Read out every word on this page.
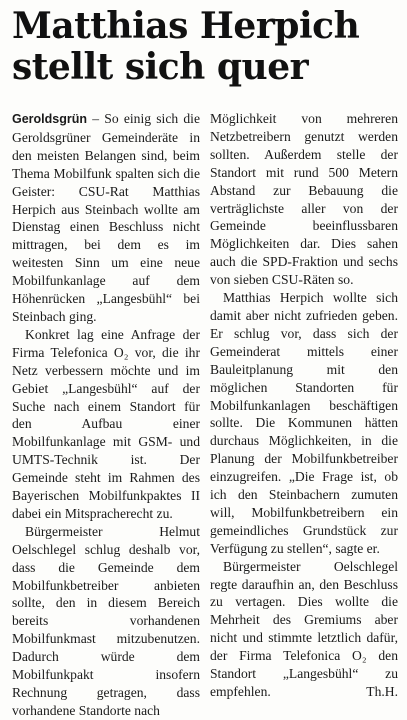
Matthias Herpich
stellt sich quer

Geroldsgrün – So einig sich die Geroldsgrüner Gemeinderäte in den meisten Belangen sind, beim Thema Mobilfunk spalten sich die Geister: CSU-Rat Matthias Herpich aus Steinbach wollte am Dienstag einen Beschluss nicht mittragen, bei dem es im weitesten Sinn um eine neue Mobilfunkanlage auf dem Höhenrücken „Langesbühl“ bei Steinbach ging.

Konkret lag eine Anfrage der Firma Telefonica O₂ vor, die ihr Netz verbessern möchte und im Gebiet „Langesbühl“ auf der Suche nach einem Standort für den Aufbau einer Mobilfunkanlage mit GSM- und UMTS-Technik ist. Der Gemeinde steht im Rahmen des Bayerischen Mobilfunkpaktes II dabei ein Mitspracherecht zu.

Bürgermeister Helmut Oelschlegel schlug deshalb vor, dass die Gemeinde dem Mobilfunkbetreiber anbieten sollte, den in diesem Bereich bereits vorhandenen Mobilfunkmast mitzubenutzen. Dadurch würde dem Mobilfunkpakt insofern Rechnung getragen, dass vorhandene Standorte nach

Möglichkeit von mehreren Netzbetreibern genutzt werden sollten. Außerdem stelle der Standort mit rund 500 Metern Abstand zur Bebauung die verträglichste aller von der Gemeinde beeinflussbaren Möglichkeiten dar. Dies sahen auch die SPD-Fraktion und sechs von sieben CSU-Räten so.

Matthias Herpich wollte sich damit aber nicht zufrieden geben. Er schlug vor, dass sich der Gemeinderat mittels einer Bauleitplanung mit den möglichen Standorten für Mobilfunkanlagen beschäftigen sollte. Die Kommunen hätten durchaus Möglichkeiten, in die Planung der Mobilfunkbetreiber einzugreifen. „Die Frage ist, ob ich den Steinbachern zumuten will, Mobilfunkbetreibern ein gemeindliches Grundstück zur Verfügung zu stellen“, sagte er.

Bürgermeister Oelschlegel regte daraufhin an, den Beschluss zu vertagen. Dies wollte die Mehrheit des Gremiums aber nicht und stimmte letztlich dafür, der Firma Telefonica O₂ den Standort „Langesbühl“ zu empfehlen.	Th.H.
